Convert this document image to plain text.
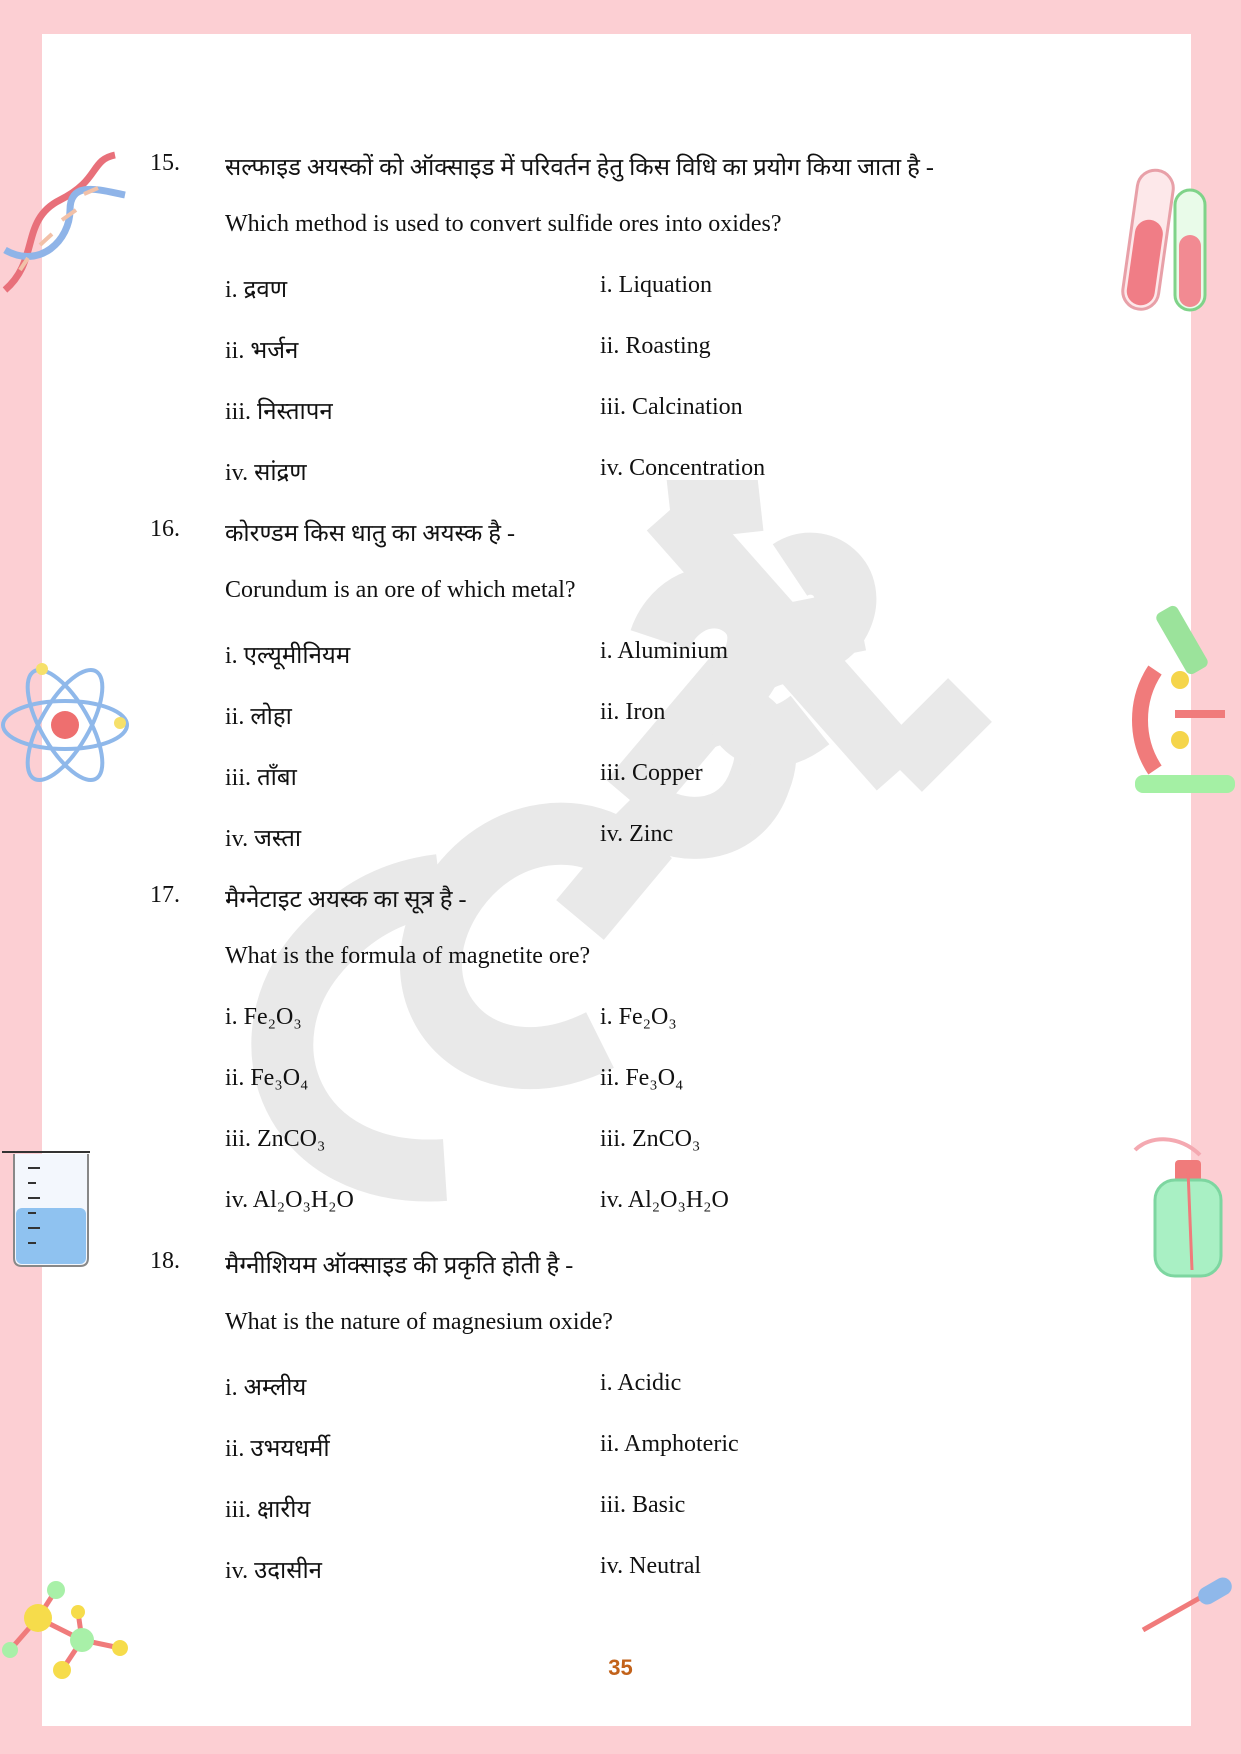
15. सल्फाइड अयस्कों को ऑक्साइड में परिवर्तन हेतु किस विधि का प्रयोग किया जाता है -
Which method is used to convert sulfide ores into oxides?
i. द्रवण	i. Liquation
ii. भर्जन	ii. Roasting
iii. निस्तापन	iii. Calcination
iv. सांद्रण	iv. Concentration
16. कोरण्डम किस धातु का अयस्क है -
Corundum is an ore of which metal?
i. एल्यूमीनियम	i. Aluminium
ii. लोहा	ii. Iron
iii. ताँबा	iii. Copper
iv. जस्ता	iv. Zinc
17. मैग्नेटाइट अयस्क का सूत्र है -
What is the formula of magnetite ore?
i. Fe₂O₃	i. Fe₂O₃
ii. Fe₃O₄	ii. Fe₃O₄
iii. ZnCO₃	iii. ZnCO₃
iv. Al₂O₃H₂O	iv. Al₂O₃H₂O
18. मैग्नीशियम ऑक्साइड की प्रकृति होती है -
What is the nature of magnesium oxide?
i. अम्लीय	i. Acidic
ii. उभयधर्मी	ii. Amphoteric
iii. क्षारीय	iii. Basic
iv. उदासीन	iv. Neutral
35
